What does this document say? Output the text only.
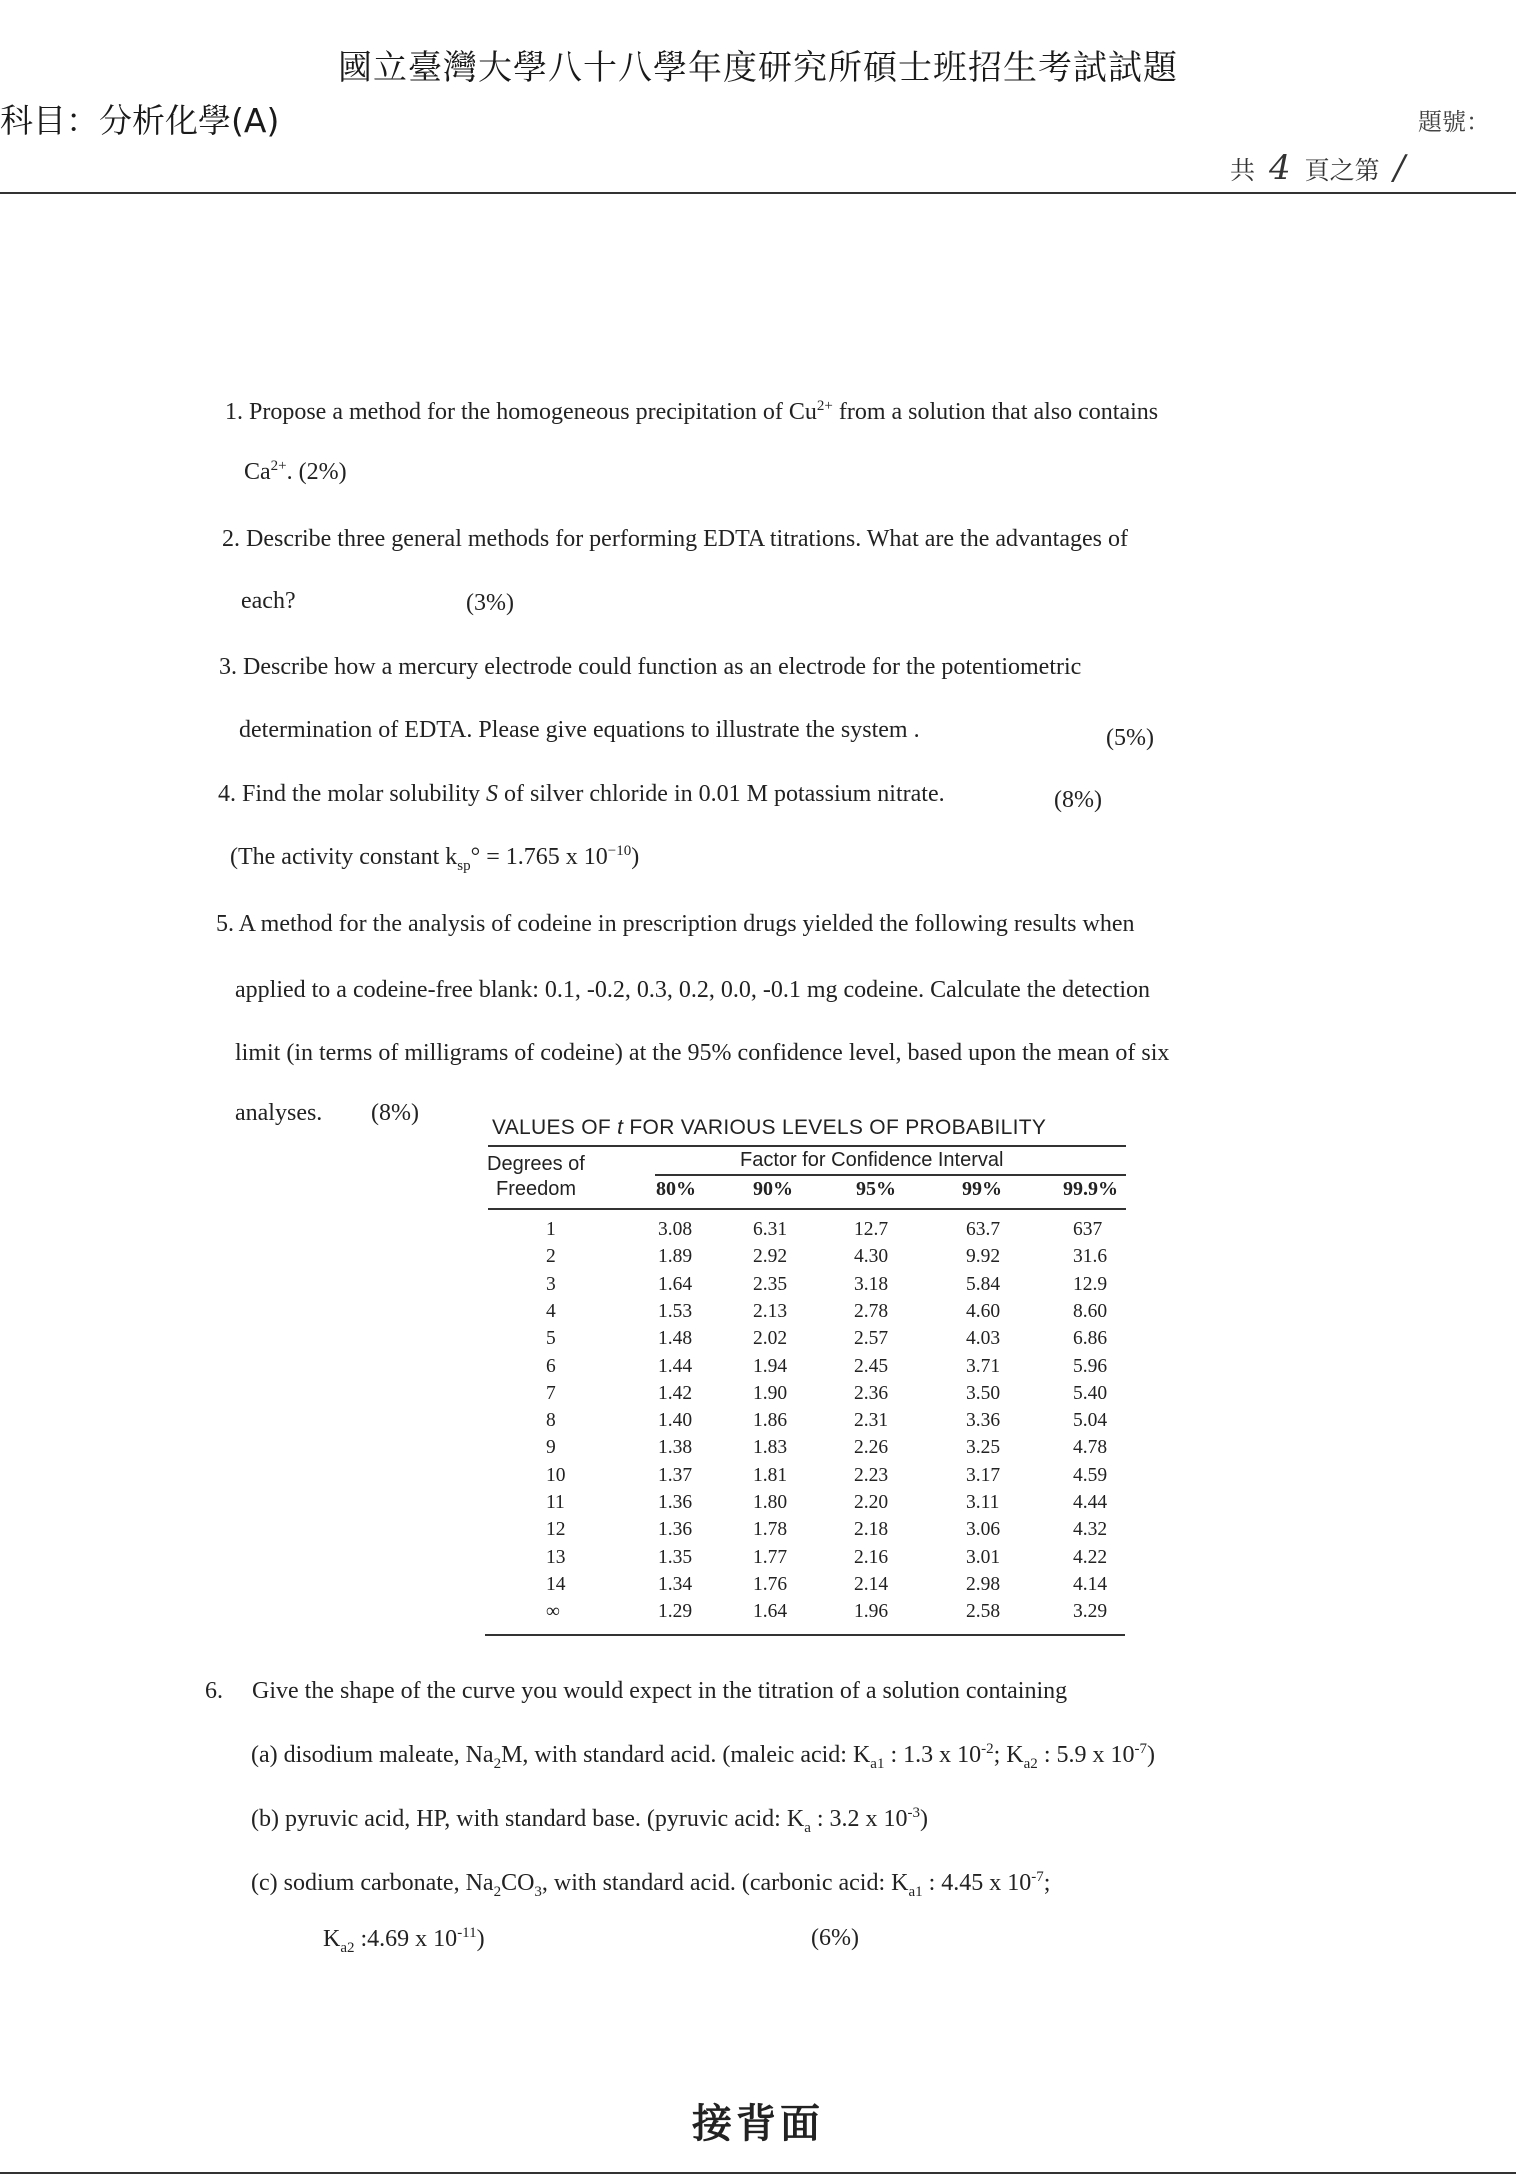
國立臺灣大學八十八學年度研究所碩士班招生考試試題
科目：分析化學(A)	題號：
共 4 頁之第 /
1. Propose a method for the homogeneous precipitation of $Cu^{2+}$ from a solution that also contains
$Ca^{2+}$. (2%)
2. Describe three general methods for performing EDTA titrations. What are the advantages of
each?	(3%)
3. Describe how a mercury electrode could function as an electrode for the potentiometric
determination of EDTA. Please give equations to illustrate the system .	(5%)
4. Find the molar solubility S of silver chloride in 0.01 M potassium nitrate.	(8%)
(The activity constant $k_{sp}^\circ = 1.765$ x $10^{-10}$)
5. A method for the analysis of codeine in prescription drugs yielded the following results when
applied to a codeine-free blank: 0.1, -0.2, 0.3, 0.2, 0.0, -0.1 mg codeine. Calculate the detection
limit (in terms of milligrams of codeine) at the 95% confidence level, based upon the mean of six
analyses. (8%)
VALUES OF t FOR VARIOUS LEVELS OF PROBABILITY
Degrees of
Freedom
Factor for Confidence Interval
80%	90%	95%	99%	99.9%
1	3.08	6.31	12.7	63.7	637
2	1.89	2.92	4.30	9.92	31.6
3	1.64	2.35	3.18	5.84	12.9
4	1.53	2.13	2.78	4.60	8.60
5	1.48	2.02	2.57	4.03	6.86
6	1.44	1.94	2.45	3.71	5.96
7	1.42	1.90	2.36	3.50	5.40
8	1.40	1.86	2.31	3.36	5.04
9	1.38	1.83	2.26	3.25	4.78
10	1.37	1.81	2.23	3.17	4.59
11	1.36	1.80	2.20	3.11	4.44
12	1.36	1.78	2.18	3.06	4.32
13	1.35	1.77	2.16	3.01	4.22
14	1.34	1.76	2.14	2.98	4.14
∞	1.29	1.64	1.96	2.58	3.29
6. Give the shape of the curve you would expect in the titration of a solution containing
(a) disodium maleate, $Na_2M$, with standard acid. (maleic acid: $K_{a1}$ : 1.3 x $10^{-2}$; $K_{a2}$ : 5.9 x $10^{-7}$)
(b) pyruvic acid, HP, with standard base. (pyruvic acid: $K_a$ : 3.2 x $10^{-3}$)
(c) sodium carbonate, $Na_2CO_3$, with standard acid. (carbonic acid: $K_{a1}$ : 4.45 x $10^{-7}$;
$K_{a2}$ :4.69 x $10^{-11}$)	(6%)
接背面
